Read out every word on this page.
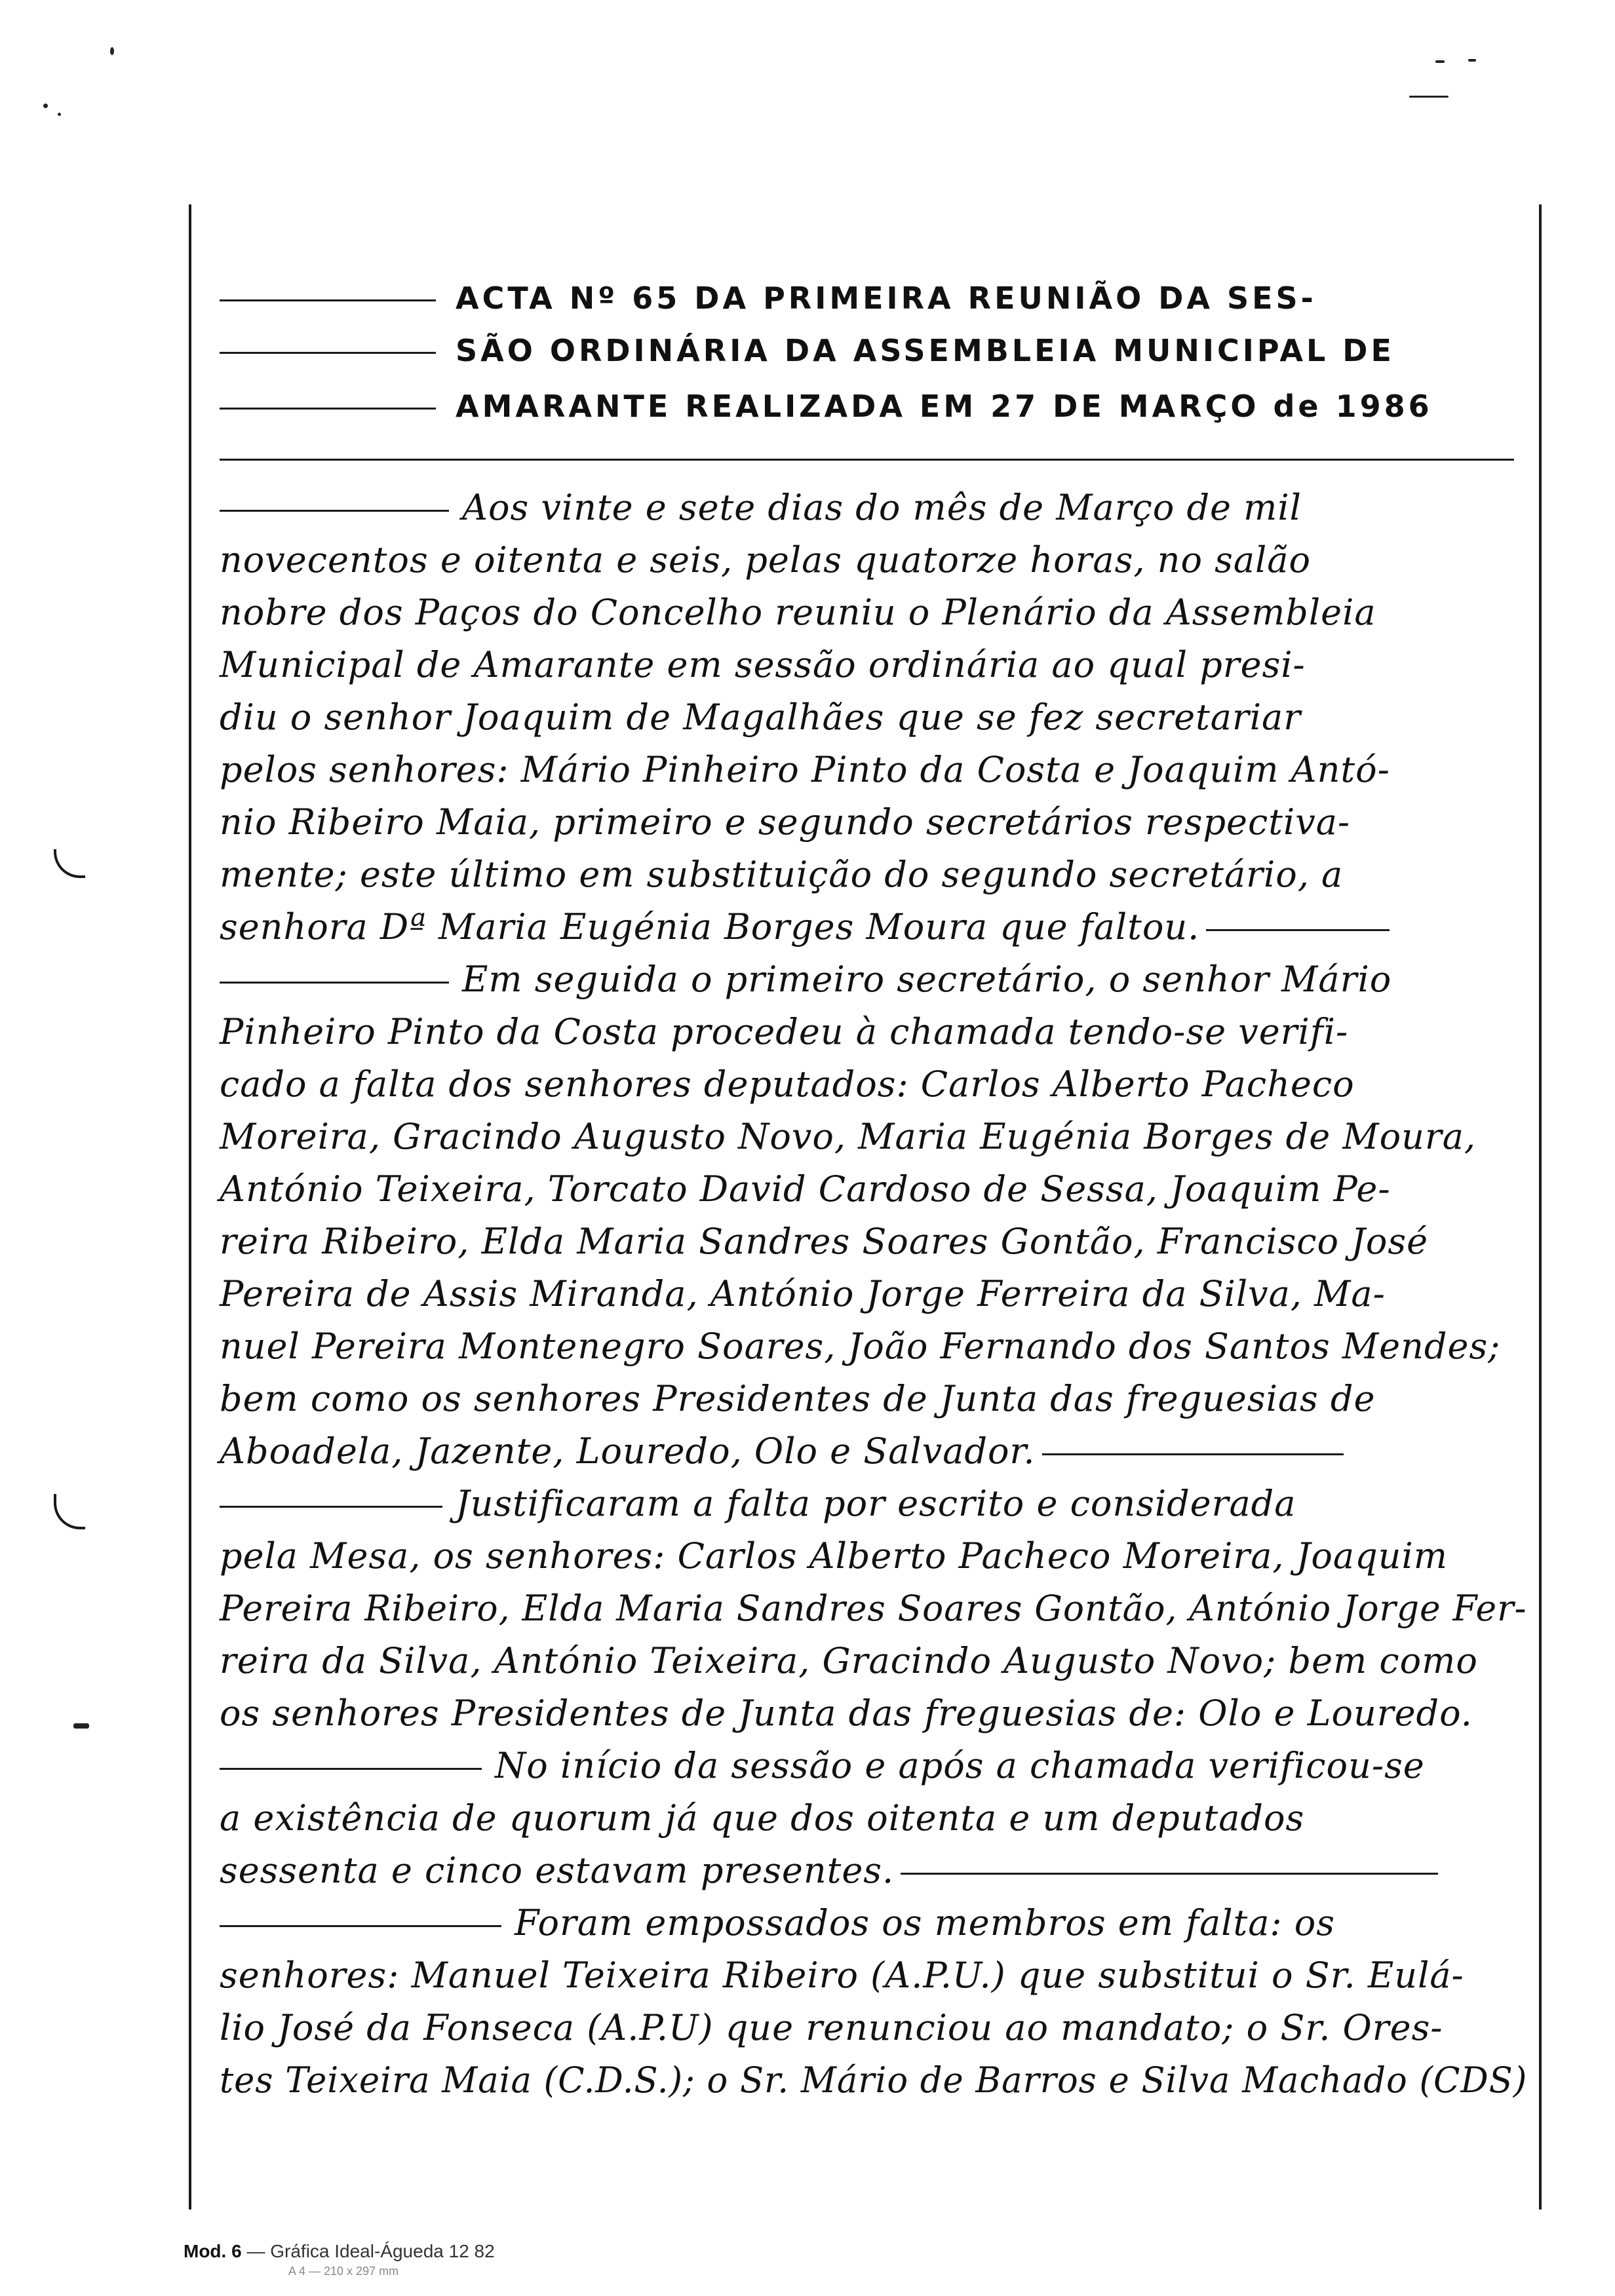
ACTA Nº 65 DA PRIMEIRA REUNIÃO DA SES-
SÃO ORDINÁRIA DA ASSEMBLEIA MUNICIPAL DE
AMARANTE REALIZADA EM 27 DE MARÇO de 1986
Aos vinte e sete dias do mês de Março de mil
novecentos e oitenta e seis, pelas quatorze horas, no salão
nobre dos Paços do Concelho reuniu o Plenário da Assembleia
Municipal de Amarante em sessão ordinária ao qual presi-
diu o senhor Joaquim de Magalhães que se fez secretariar
pelos senhores: Mário Pinheiro Pinto da Costa e Joaquim Antó-
nio Ribeiro Maia, primeiro e segundo secretários respectiva-
mente; este último em substituição do segundo secretário, a
senhora Dª Maria Eugénia Borges Moura que faltou.
Em seguida o primeiro secretário, o senhor Mário
Pinheiro Pinto da Costa procedeu à chamada tendo-se verifi-
cado a falta dos senhores deputados: Carlos Alberto Pacheco
Moreira, Gracindo Augusto Novo, Maria Eugénia Borges de Moura,
António Teixeira, Torcato David Cardoso de Sessa, Joaquim Pe-
reira Ribeiro, Elda Maria Sandres Soares Gontão, Francisco José
Pereira de Assis Miranda, António Jorge Ferreira da Silva, Ma-
nuel Pereira Montenegro Soares, João Fernando dos Santos Mendes;
bem como os senhores Presidentes de Junta das freguesias de
Aboadela, Jazente, Louredo, Olo e Salvador.
Justificaram a falta por escrito e considerada
pela Mesa, os senhores: Carlos Alberto Pacheco Moreira, Joaquim
Pereira Ribeiro, Elda Maria Sandres Soares Gontão, António Jorge Fer-
reira da Silva, António Teixeira, Gracindo Augusto Novo; bem como
os senhores Presidentes de Junta das freguesias de: Olo e Louredo.
No início da sessão e após a chamada verificou-se
a existência de quorum já que dos oitenta e um deputados
sessenta e cinco estavam presentes.
Foram empossados os membros em falta: os
senhores: Manuel Teixeira Ribeiro (A.P.U.) que substitui o Sr. Eulá-
lio José da Fonseca (A.P.U) que renunciou ao mandato; o Sr. Ores-
tes Teixeira Maia (C.D.S.); o Sr. Mário de Barros e Silva Machado (CDS)
Mod. 6 — Gráfica Ideal-Águeda 12 82
A 4 — 210 x 297 mm
